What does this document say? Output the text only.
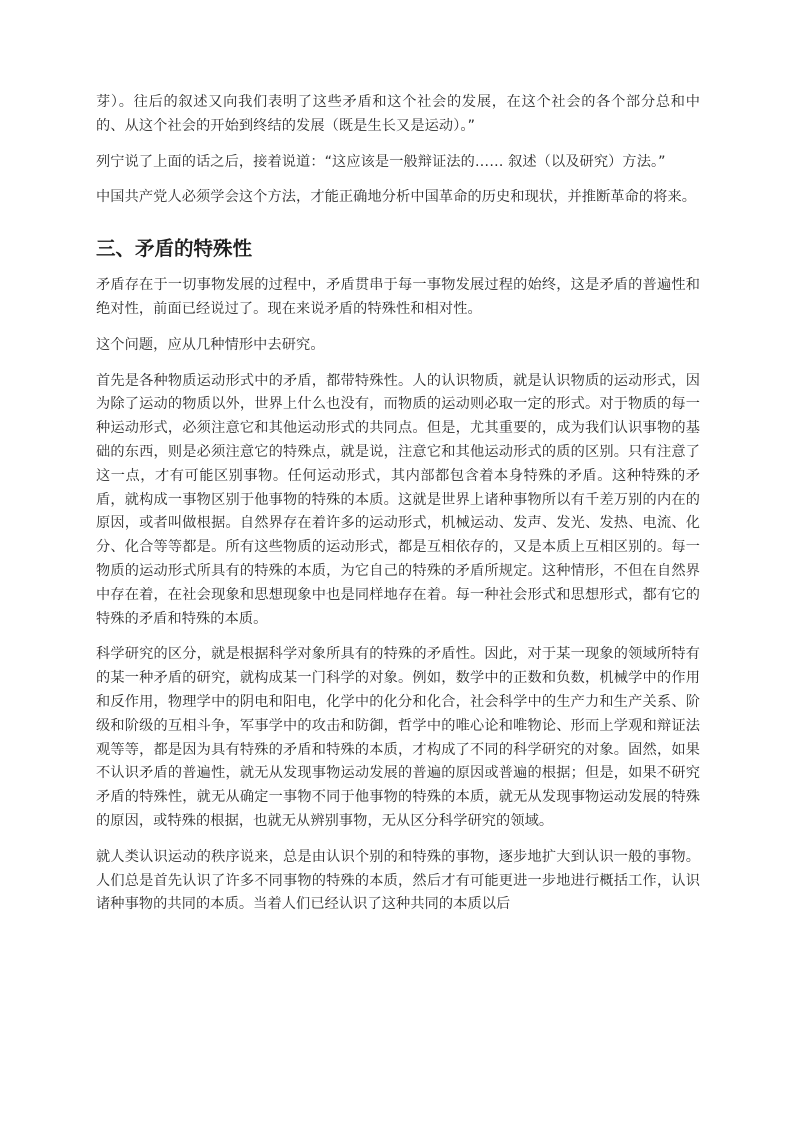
芽）。往后的叙述又向我们表明了这些矛盾和这个社会的发展，在这个社会的各个部分总和中的、从这个社会的开始到终结的发展（既是生长又是运动）。”

列宁说了上面的话之后，接着说道：“这应该是一般辩证法的…… 叙述（以及研究）方法。”

中国共产党人必须学会这个方法，才能正确地分析中国革命的历史和现状，并推断革命的将来。

三、矛盾的特殊性

矛盾存在于一切事物发展的过程中，矛盾贯串于每一事物发展过程的始终，这是矛盾的普遍性和绝对性，前面已经说过了。现在来说矛盾的特殊性和相对性。

这个问题，应从几种情形中去研究。

首先是各种物质运动形式中的矛盾，都带特殊性。人的认识物质，就是认识物质的运动形式，因为除了运动的物质以外，世界上什么也没有，而物质的运动则必取一定的形式。对于物质的每一种运动形式，必须注意它和其他运动形式的共同点。但是，尤其重要的，成为我们认识事物的基础的东西，则是必须注意它的特殊点，就是说，注意它和其他运动形式的质的区别。只有注意了这一点，才有可能区别事物。任何运动形式，其内部都包含着本身特殊的矛盾。这种特殊的矛盾，就构成一事物区别于他事物的特殊的本质。这就是世界上诸种事物所以有千差万别的内在的原因，或者叫做根据。自然界存在着许多的运动形式，机械运动、发声、发光、发热、电流、化分、化合等等都是。所有这些物质的运动形式，都是互相依存的，又是本质上互相区别的。每一物质的运动形式所具有的特殊的本质，为它自己的特殊的矛盾所规定。这种情形，不但在自然界中存在着，在社会现象和思想现象中也是同样地存在着。每一种社会形式和思想形式，都有它的特殊的矛盾和特殊的本质。

科学研究的区分，就是根据科学对象所具有的特殊的矛盾性。因此，对于某一现象的领域所特有的某一种矛盾的研究，就构成某一门科学的对象。例如，数学中的正数和负数，机械学中的作用和反作用，物理学中的阴电和阳电，化学中的化分和化合，社会科学中的生产力和生产关系、阶级和阶级的互相斗争，军事学中的攻击和防御，哲学中的唯心论和唯物论、形而上学观和辩证法观等等，都是因为具有特殊的矛盾和特殊的本质，才构成了不同的科学研究的对象。固然，如果不认识矛盾的普遍性，就无从发现事物运动发展的普遍的原因或普遍的根据；但是，如果不研究矛盾的特殊性，就无从确定一事物不同于他事物的特殊的本质，就无从发现事物运动发展的特殊的原因，或特殊的根据，也就无从辨别事物，无从区分科学研究的领域。

就人类认识运动的秩序说来，总是由认识个别的和特殊的事物，逐步地扩大到认识一般的事物。人们总是首先认识了许多不同事物的特殊的本质，然后才有可能更进一步地进行概括工作，认识诸种事物的共同的本质。当着人们已经认识了这种共同的本质以后
